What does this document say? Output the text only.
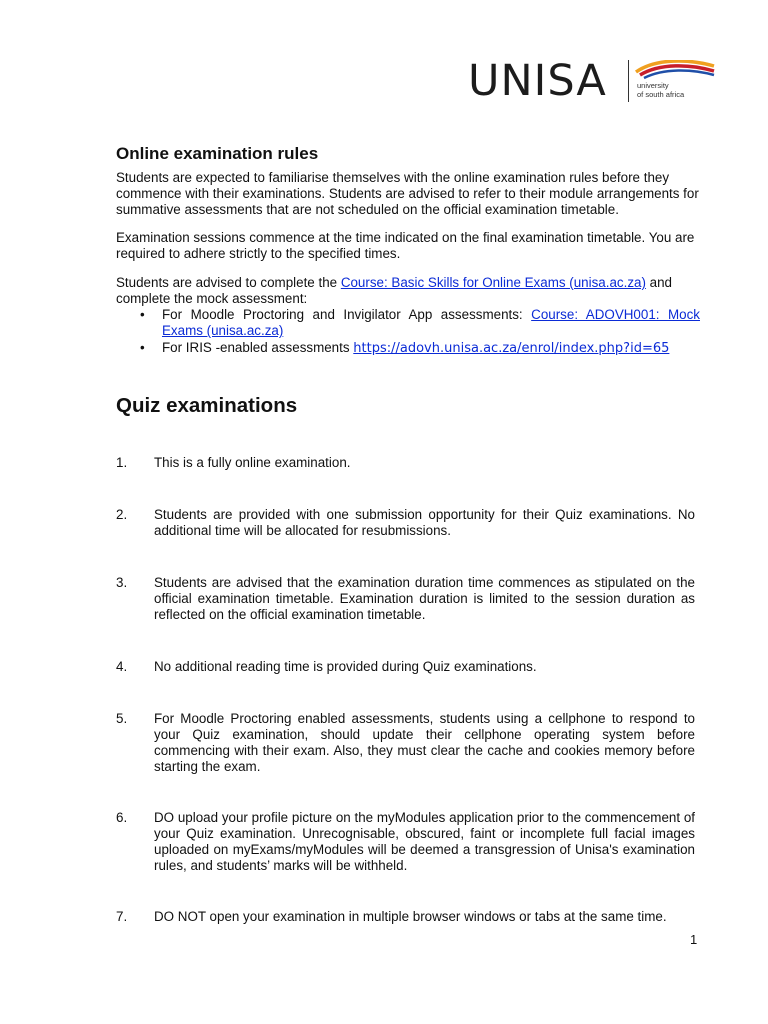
UNISA	university
of south africa
Online examination rules

Students are expected to familiarise themselves with the online examination rules before they commence with their examinations. Students are advised to refer to their module arrangements for summative assessments that are not scheduled on the official examination timetable.

Examination sessions commence at the time indicated on the final examination timetable. You are required to adhere strictly to the specified times.

Students are advised to complete the Course: Basic Skills for Online Exams (unisa.ac.za) and complete the mock assessment:

• For Moodle Proctoring and Invigilator App assessments: Course: ADOVH001: Mock Exams (unisa.ac.za)

• For IRIS -enabled assessments https://adovh.unisa.ac.za/enrol/index.php?id=65

Quiz examinations
1. This is a fully online examination.

2. Students are provided with one submission opportunity for their Quiz examinations. No additional time will be allocated for resubmissions.

3. Students are advised that the examination duration time commences as stipulated on the official examination timetable. Examination duration is limited to the session duration as reflected on the official examination timetable.

4. No additional reading time is provided during Quiz examinations.

5. For Moodle Proctoring enabled assessments, students using a cellphone to respond to your Quiz examination, should update their cellphone operating system before commencing with their exam. Also, they must clear the cache and cookies memory before starting the exam.

6. DO upload your profile picture on the myModules application prior to the commencement of your Quiz examination. Unrecognisable, obscured, faint or incomplete full facial images uploaded on myExams/myModules will be deemed a transgression of Unisa's examination rules, and students’ marks will be withheld.

7. DO NOT open your examination in multiple browser windows or tabs at the same time.

1
